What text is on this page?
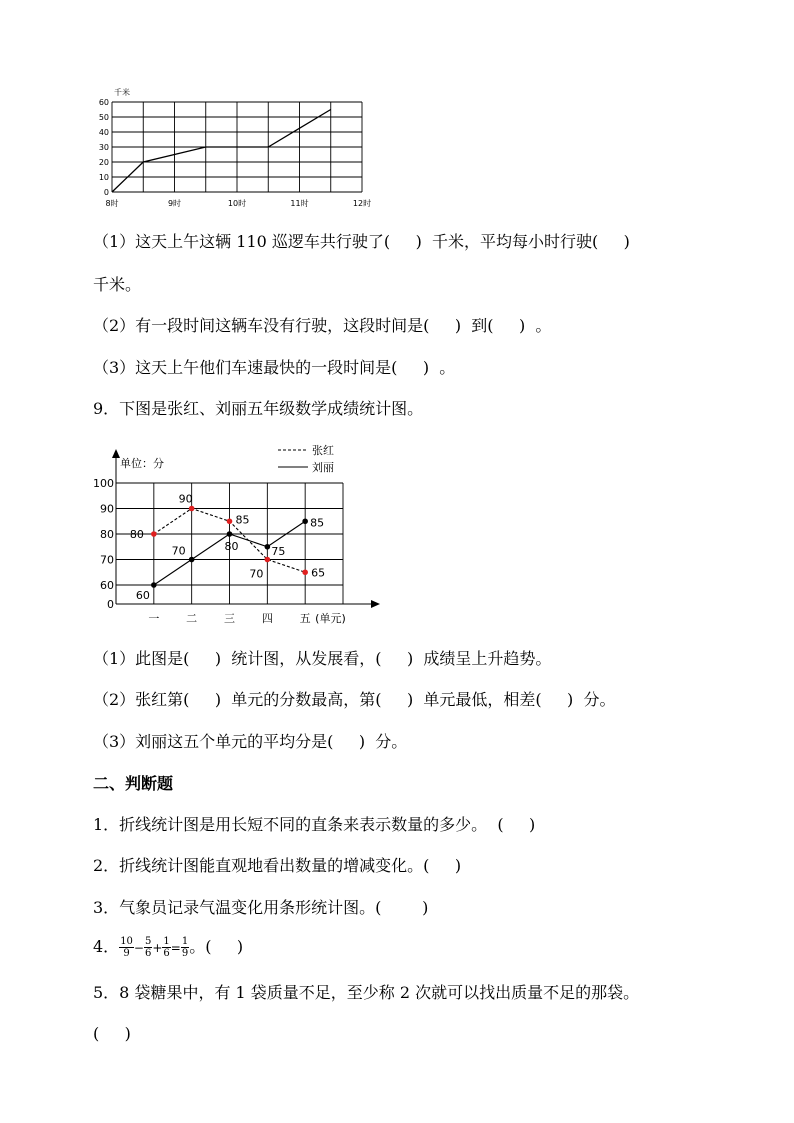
千米
0
10
20
30
40
50
60
8时	9时	10时	11时	12时
（1）这天上午这辆 110 巡逻车共行驶了(     )  千米，平均每小时行驶(     )
千米。
（2）有一段时间这辆车没有行驶，这段时间是(     )  到(     )  。
（3）这天上午他们车速最快的一段时间是(     )  。
9．下图是张红、刘丽五年级数学成绩统计图。
0
60
70
80
90
100
一 二 三 四 五 (单元)
单位：分
张红
刘丽
80
90
85
70	65
60
70	80	75
85
（1）此图是(     )  统计图，从发展看，(     )  成绩呈上升趋势。
（2）张红第(     )  单元的分数最高，第(     )  单元最低，相差(     )  分。
（3）刘丽这五个单元的平均分是(     )  分。
二、判断题
1．折线统计图是用长短不同的直条来表示数量的多少。  (     )
2．折线统计图能直观地看出数量的增减变化。(     )
3．气象员记录气温变化用条形统计图。(        )
4． $\frac{10}{9} - \frac{5}{6} + \frac{1}{6} = \frac{1}{9}$ 。(     )
5．8 袋糖果中，有 1 袋质量不足，至少称 2 次就可以找出质量不足的那袋。
(     )
